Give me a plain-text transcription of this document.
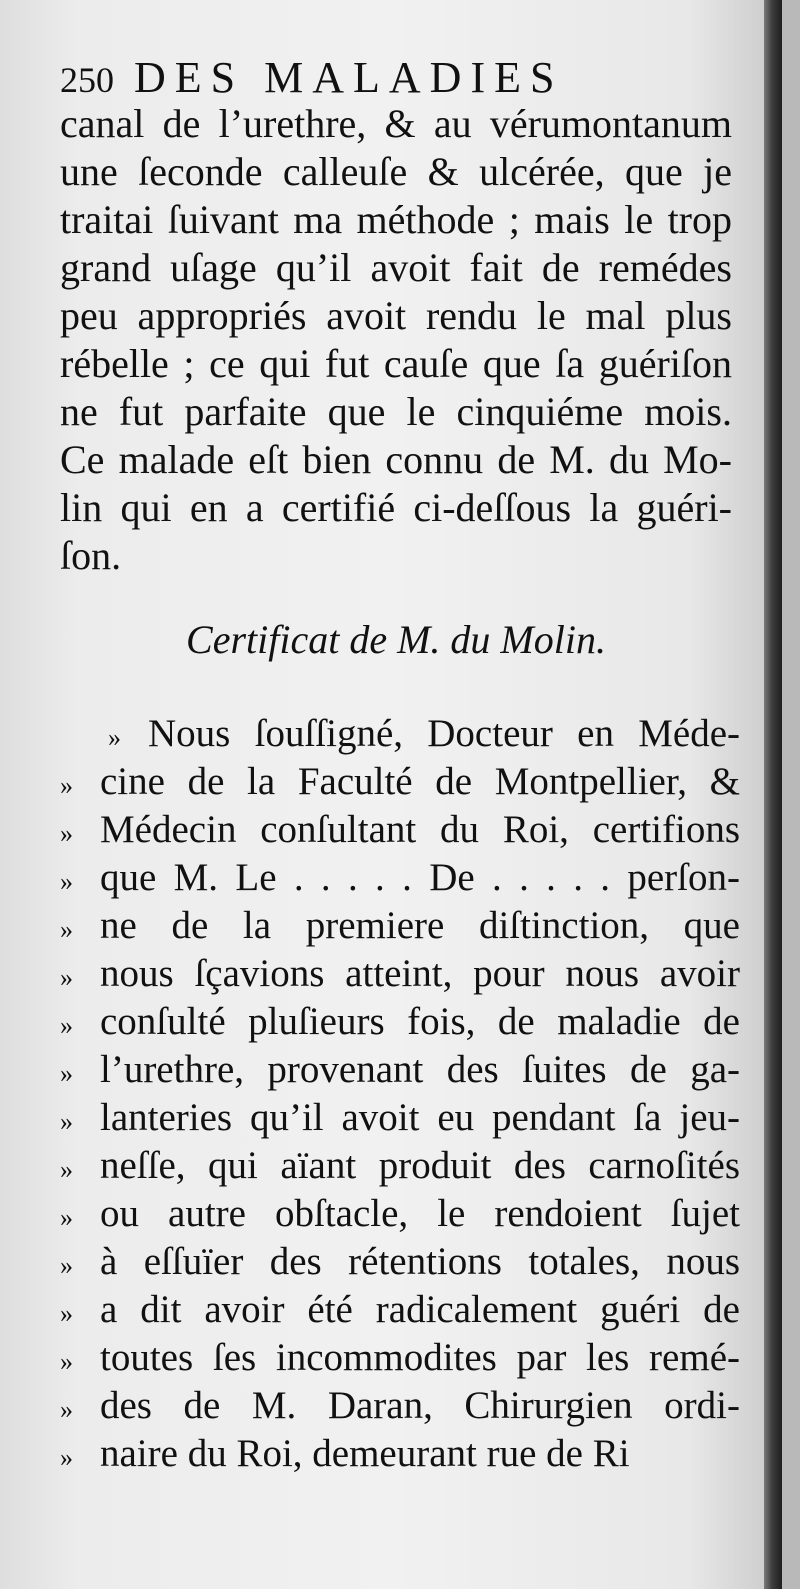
250 DES MALADIES
canal de l’urethre, & au vérumontanum
une ſeconde calleuſe & ulcérée, que je
traitai ſuivant ma méthode ; mais le trop
grand uſage qu’il avoit fait de remédes
peu appropriés avoit rendu le mal plus
rébelle ; ce qui fut cauſe que ſa guériſon
ne fut parfaite que le cinquiéme mois.
Ce malade eſt bien connu de M. du Mo-
lin qui en a certifié ci-deſſous la guéri-
ſon.
Certificat de M. du Molin.
» Nous ſouſſigné, Docteur en Méde-
» cine de la Faculté de Montpellier, &
» Médecin conſultant du Roi, certifions
» que M. Le . . . . . De . . . . . perſon-
» ne de la premiere diſtinction, que
» nous ſçavions atteint, pour nous avoir
» conſulté pluſieurs fois, de maladie de
» l’urethre, provenant des ſuites de ga-
» lanteries qu’il avoit eu pendant ſa jeu-
» neſſe, qui aïant produit des carnoſités
» ou autre obſtacle, le rendoient ſujet
» à eſſuïer des rétentions totales, nous
» a dit avoir été radicalement guéri de
» toutes ſes incommodites par les remé-
» des de M. Daran, Chirurgien ordi-
» naire du Roi, demeurant rue de Ri
